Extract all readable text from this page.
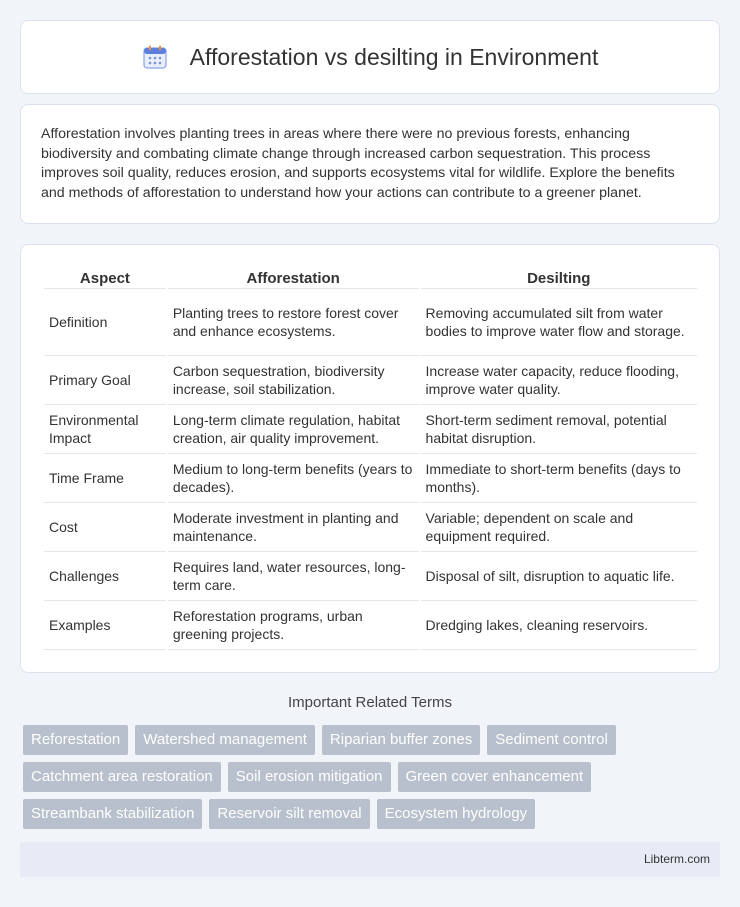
Afforestation vs desilting in Environment

Afforestation involves planting trees in areas where there were no previous forests, enhancing biodiversity and combating climate change through increased carbon sequestration. This process improves soil quality, reduces erosion, and supports ecosystems vital for wildlife. Explore the benefits and methods of afforestation to understand how your actions can contribute to a greener planet.

Aspect	Afforestation	Desilting
Definition	Planting trees to restore forest cover and enhance ecosystems.	Removing accumulated silt from water bodies to improve water flow and storage.
Primary Goal	Carbon sequestration, biodiversity increase, soil stabilization.	Increase water capacity, reduce flooding, improve water quality.
Environmental Impact	Long-term climate regulation, habitat creation, air quality improvement.	Short-term sediment removal, potential habitat disruption.
Time Frame	Medium to long-term benefits (years to decades).	Immediate to short-term benefits (days to months).
Cost	Moderate investment in planting and maintenance.	Variable; dependent on scale and equipment required.
Challenges	Requires land, water resources, long-term care.	Disposal of silt, disruption to aquatic life.
Examples	Reforestation programs, urban greening projects.	Dredging lakes, cleaning reservoirs.
Important Related Terms
Reforestation	Watershed management	Riparian buffer zones	Sediment control
Catchment area restoration	Soil erosion mitigation	Green cover enhancement
Streambank stabilization	Reservoir silt removal	Ecosystem hydrology
Libterm.com
